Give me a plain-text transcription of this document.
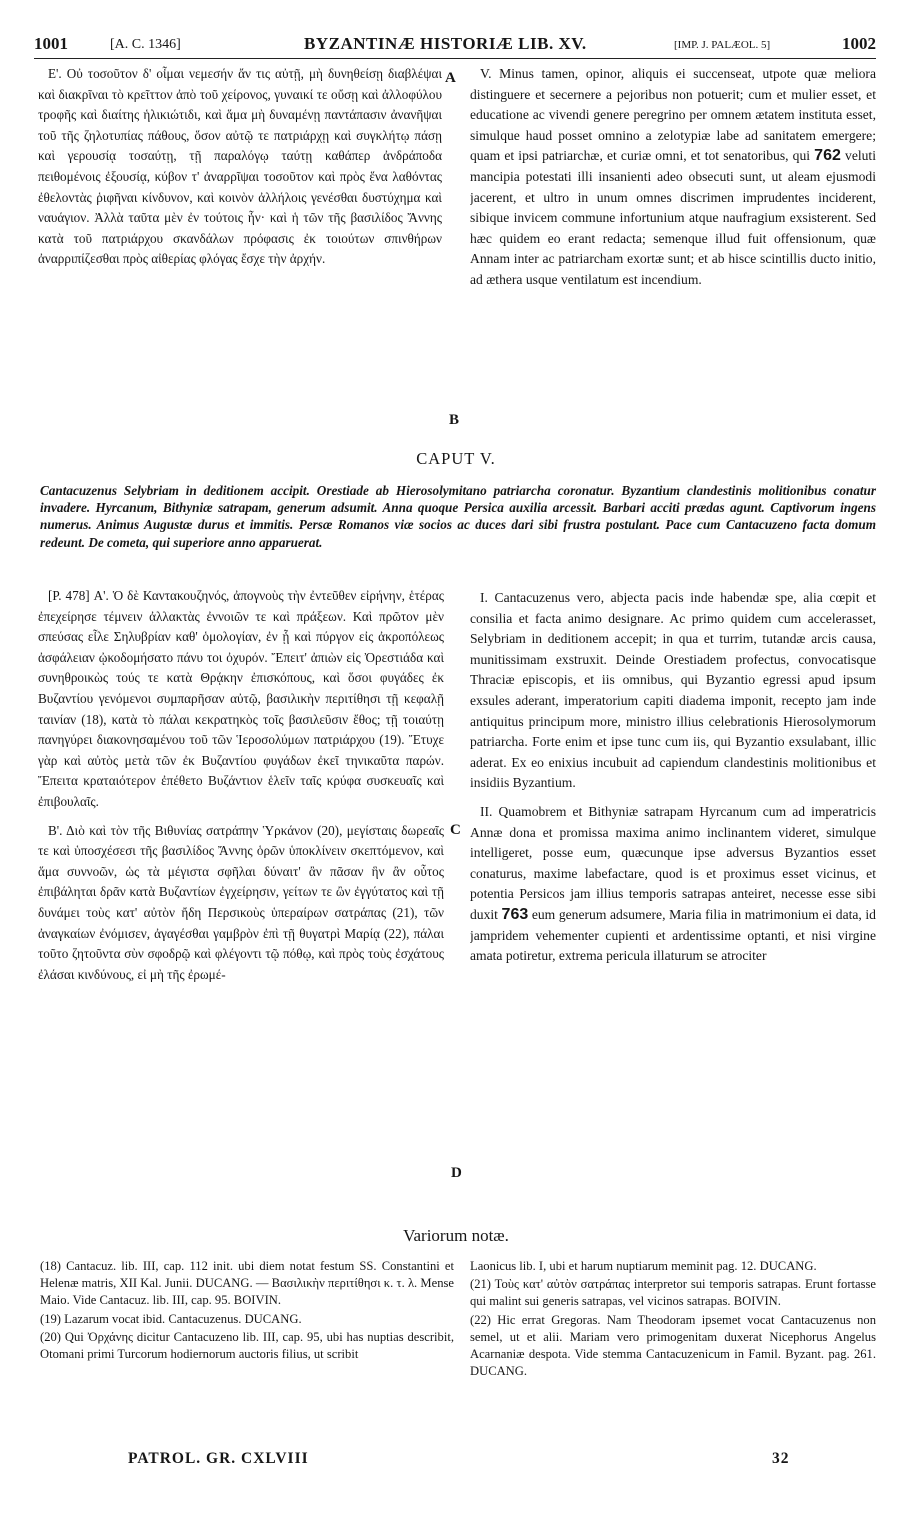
1001	[A. C. 1346]	BYZANTINÆ HISTORIÆ LIB. XV.	[IMP. J. PALÆOL. 5]	1002

Ε'. Οὐ τοσοῦτον δ' οἶμαι νεμεσήν ἄν τις αὐτῇ, μὴ δυνηθείσῃ διαβλέψαι καὶ διακρῖναι τὸ κρεῖττον ἀπὸ τοῦ χείρονος, γυναικί τε οὔσῃ καὶ ἀλλοφύλου τροφῆς καὶ διαίτης ἡλικιώτιδι, καὶ ἅμα μὴ δυναμένῃ παντάπασιν ἀνανῆψαι τοῦ τῆς ζηλοτυπίας πάθους, ὅσον αὐτῷ τε πατριάρχῃ καὶ συγκλήτῳ πάσῃ καὶ γερουσίᾳ τοσαύτῃ, τῇ παραλόγῳ ταύτῃ καθάπερ ἀνδράποδα πειθομένοις ἐξουσίᾳ, κύβον τ' ἀναρρῖψαι τοσοῦτον καὶ πρὸς ἕνα λαθόντας ἐθελοντὰς ῥιφῆναι κίνδυνον, καὶ κοινὸν ἀλλήλοις γενέσθαι δυστύχημα καὶ ναυάγιον. Ἀλλὰ ταῦτα μὲν ἐν τούτοις ἦν· καὶ ἡ τῶν τῆς βασιλίδος Ἄννης κατὰ τοῦ πατριάρχου σκανδάλων πρόφασις ἐκ τοιούτων σπινθήρων ἀναρριπίζεσθαι πρὸς αἰθερίας φλόγας ἔσχε τὴν ἀρχήν.

A
B

V. Minus tamen, opinor, aliquis ei succenseat, utpote quæ meliora distinguere et secernere a pejoribus non potuerit; cum et mulier esset, et educatione ac vivendi genere peregrino per omnem ætatem instituta esset, simulque haud posset omnino a zelotypiæ labe ad sanitatem emergere; quam et ipsi patriarchæ, et curiæ omni, et tot senatoribus, qui 762 veluti mancipia potestati illi insanienti adeo obsecuti sunt, ut aleam ejusmodi jacerent, et ultro in unum omnes discrimen imprudentes inciderent, sibique invicem commune infortunium atque naufragium exsisterent. Sed hæc quidem eo erant redacta; semenque illud fuit offensionum, quæ Annam inter ac patriarcham exortæ sunt; et ab hisce scintillis ducto initio, ad æthera usque ventilatum est incendium.

CAPUT V.
Cantacuzenus Selybriam in deditionem accipit. Orestiade ab Hierosolymitano patriarcha coronatur. Byzantium clandestinis molitionibus conatur invadere. Hyrcanum, Bithyniæ satrapam, generum adsumit. Anna quoque Persica auxilia arcessit. Barbari acciti prædas agunt. Captivorum ingens numerus. Animus Augustæ durus et immitis. Persæ Romanos viæ socios ac duces dari sibi frustra postulant. Pace cum Cantacuzeno facta domum redeunt. De cometa, qui superiore anno apparuerat.

[P. 478] Α'. Ὁ δὲ Καντακουζηνός, ἀπογνοὺς τὴν ἐντεῦθεν εἰρήνην, ἑτέρας ἐπεχείρησε τέμνειν ἀλλακτὰς ἐννοιῶν τε καὶ πράξεων. Καὶ πρῶτον μὲν σπεύσας εἷλε Σηλυβρίαν καθ' ὁμολογίαν, ἐν ᾗ καὶ πύργον εἰς ἀκροπόλεως ἀσφάλειαν ᾠκοδομήσατο πάνυ τοι ὀχυρόν. Ἔπειτ' ἀπιὼν εἰς Ὀρεστιάδα καὶ συνηθροικὼς τούς τε κατὰ Θρᾴκην ἐπισκόπους, καὶ ὅσοι φυγάδες ἐκ Βυζαντίου γενόμενοι συμπαρῆσαν αὐτῷ, βασιλικὴν περιτίθησι τῇ κεφαλῇ ταινίαν (18), κατὰ τὸ πάλαι κεκρατηκὸς τοῖς βασιλεῦσιν ἔθος; τῇ τοιαύτῃ πανηγύρει διακονησαμένου τοῦ τῶν Ἱεροσολύμων πατριάρχου (19). Ἔτυχε γὰρ καὶ αὐτὸς μετὰ τῶν ἐκ Βυζαντίου φυγάδων ἐκεῖ τηνικαῦτα παρών. Ἔπειτα κραταιότερον ἐπέθετο Βυζάντιον ἑλεῖν ταῖς κρύφα συσκευαῖς καὶ ἐπιβουλαῖς.

Β'. Διὸ καὶ τὸν τῆς Βιθυνίας σατράπην Ὑρκάνον (20), μεγίσταις δωρεαῖς τε καὶ ὑποσχέσεσι τῆς βασιλίδος Ἄννης ὁρῶν ὑποκλίνειν σκεπτόμενον, καὶ ἅμα συννοῶν, ὡς τὰ μέγιστα σφῆλαι δύναιτ' ἂν πᾶσαν ἣν ἂν οὗτος ἐπιβάληται δρᾶν κατὰ Βυζαντίων ἐγχείρησιν, γείτων τε ὢν ἐγγύτατος καὶ τῇ δυνάμει τοὺς κατ' αὐτὸν ἤδη Περσικοὺς ὑπεραίρων σατράπας (21), τῶν ἀναγκαίων ἐνόμισεν, ἀγαγέσθαι γαμβρὸν ἐπὶ τῇ θυγατρὶ Μαρίᾳ (22), πάλαι τοῦτο ζητοῦντα σὺν σφοδρῷ καὶ φλέγοντι τῷ πόθῳ, καὶ πρὸς τοὺς ἐσχάτους ἐλάσαι κινδύνους, εἰ μὴ τῆς ἐρωμέ-

C
D

I. Cantacuzenus vero, abjecta pacis inde habendæ spe, alia cœpit et consilia et facta animo designare. Ac primo quidem cum accelerasset, Selybriam in deditionem accepit; in qua et turrim, tutandæ arcis causa, munitissimam exstruxit. Deinde Orestiadem profectus, convocatisque Thraciæ episcopis, et iis omnibus, qui Byzantio egressi apud ipsum exsules aderant, imperatorium capiti diadema imponit, recepto jam inde antiquitus principum more, ministro illius celebrationis Hierosolymorum patriarcha. Forte enim et ipse tunc cum iis, qui Byzantio exsulabant, illic aderat. Ex eo enixius incubuit ad capiendum clandestinis molitionibus et insidiis Byzantium.

II. Quamobrem et Bithyniæ satrapam Hyrcanum cum ad imperatricis Annæ dona et promissa maxima animo inclinantem videret, simulque intelligeret, posse eum, quæcunque ipse adversus Byzantios esset conaturus, maxime labefactare, quod is et proximus esset vicinus, et potentia Persicos jam illius temporis satrapas anteiret, necesse esse sibi duxit 763 eum generum adsumere, Maria filia in matrimonium ei data, id jampridem vehementer cupienti et ardentissime optanti, et nisi virgine amata potiretur, extrema pericula illaturum se atrociter

Variorum notæ.

(18) Cantacuz. lib. III, cap. 112 init. ubi diem notat festum SS. Constantini et Helenæ matris, XII Kal. Junii. DUCANG. — Βασιλικὴν περιτίθησι κ. τ. λ. Mense Maio. Vide Cantacuz. lib. III, cap. 95. BOIVIN.

(19) Lazarum vocat ibid. Cantacuzenus. DUCANG.

(20) Qui Ὀρχάνης dicitur Cantacuzeno lib. III, cap. 95, ubi has nuptias describit, Otomani primi Turcorum hodiernorum auctoris filius, ut scribit

Laonicus lib. I, ubi et harum nuptiarum meminit pag. 12. DUCANG.

(21) Τοὺς κατ' αὐτὸν σατράπας interpretor sui temporis satrapas. Erunt fortasse qui malint sui generis satrapas, vel vicinos satrapas. BOIVIN.

(22) Hic errat Gregoras. Nam Theodoram ipsemet vocat Cantacuzenus non semel, ut et alii. Mariam vero primogenitam duxerat Nicephorus Angelus Acarnaniæ despota. Vide stemma Cantacuzenicum in Famil. Byzant. pag. 261. DUCANG.

PATROL. GR. CXLVIII	32
